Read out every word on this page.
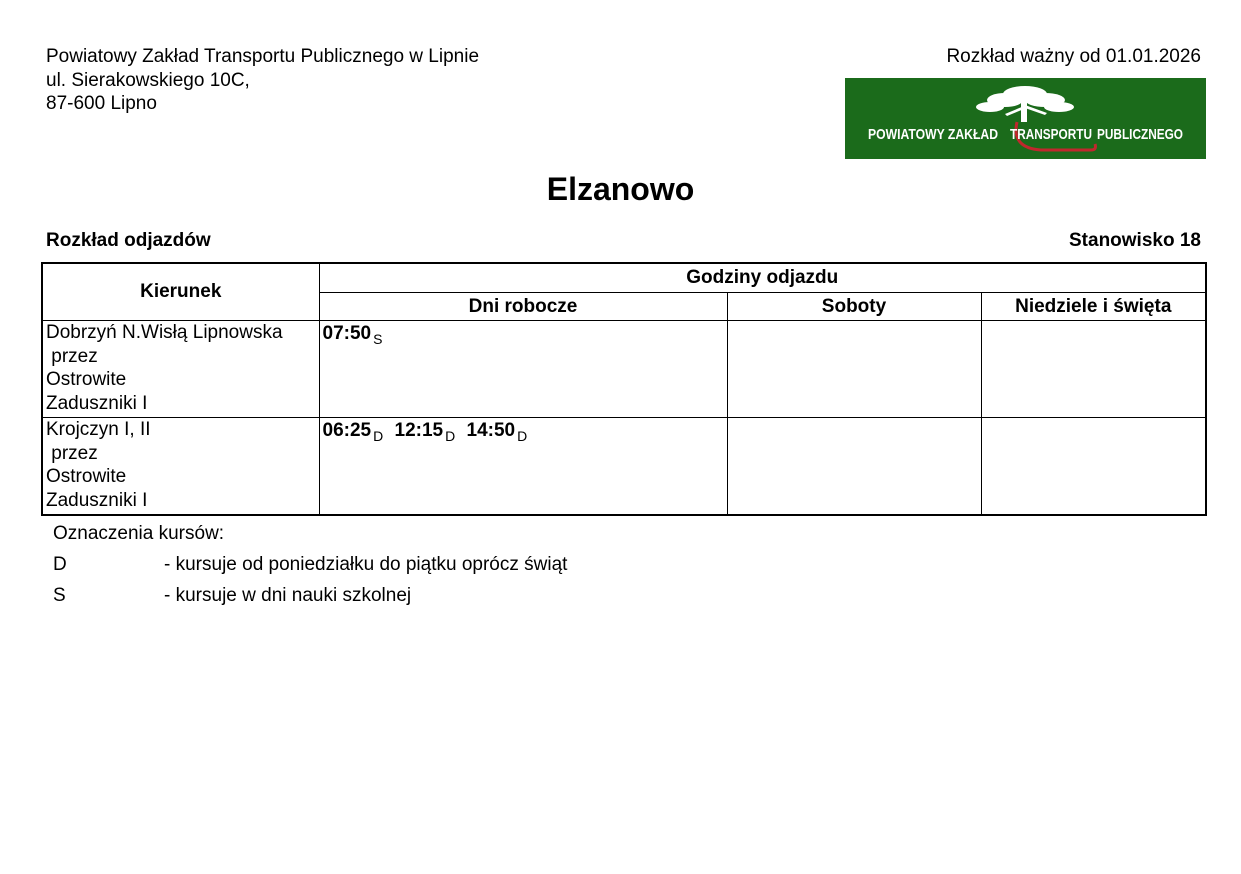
Powiatowy Zakład Transportu Publicznego w Lipnie
ul. Sierakowskiego 10C,
87-600 Lipno
Rozkład ważny od 01.01.2026
POWIATOWY ZAKŁAD TRANSPORTU PUBLICZNEGO
Elzanowo
Rozkład odjazdów	Stanowisko 18
Kierunek	Godziny odjazdu		
	Dni robocze	Soboty	Niedziele i święta

Dobrzyń N.Wisłą Lipnowska
przez
Ostrowite
Zaduszniki I	07:50 $_S$		

Krojczyn I, II
przez
Ostrowite
Zaduszniki I	06:25 $_D$ 12:15 $_D$ 14:50 $_D$		
Oznaczenia kursów:
D	- kursuje od poniedziałku do piątku oprócz świąt
S	- kursuje w dni nauki szkolnej
